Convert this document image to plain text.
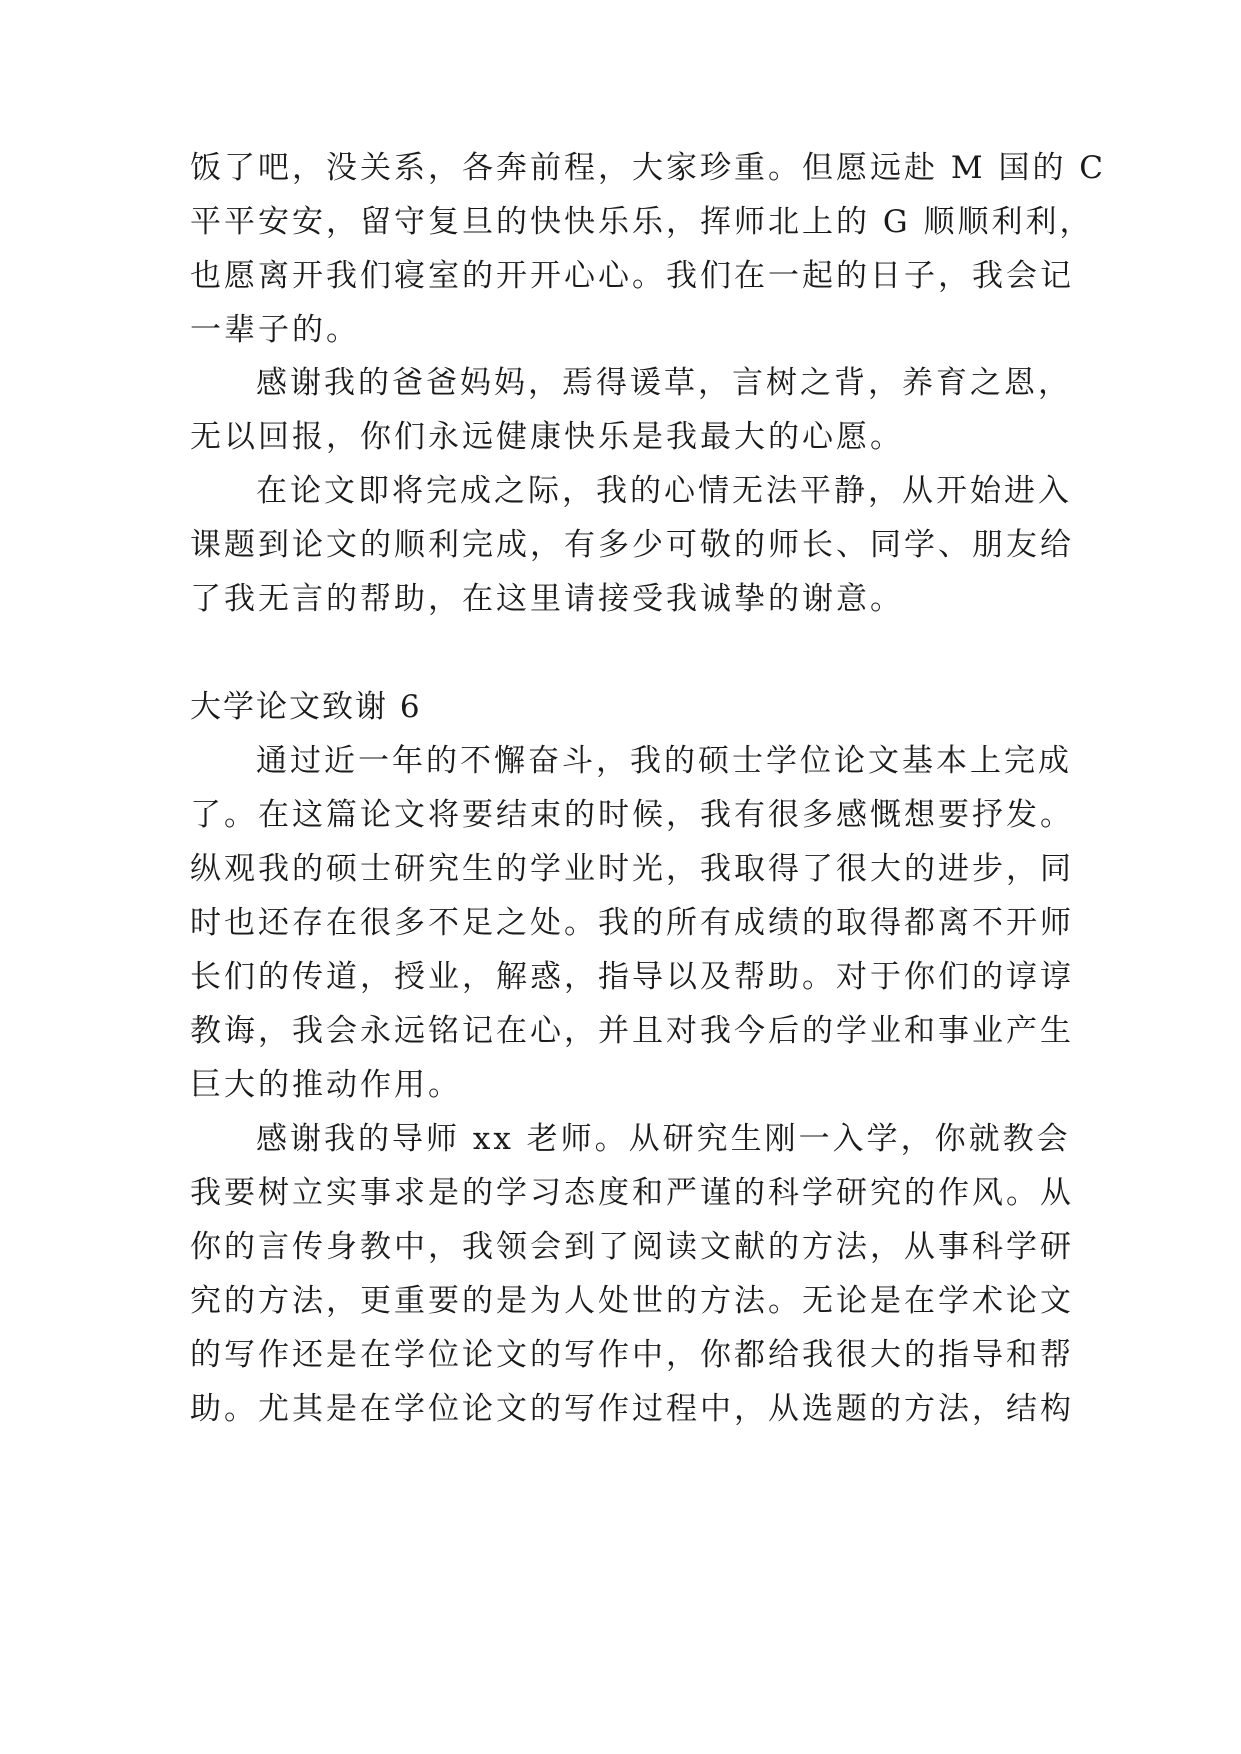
饭了吧，没关系，各奔前程，大家珍重。但愿远赴 M 国的 C
平平安安，留守复旦的快快乐乐，挥师北上的 G 顺顺利利，
也愿离开我们寝室的开开心心。我们在一起的日子，我会记
一辈子的。
感谢我的爸爸妈妈，焉得谖草，言树之背，养育之恩，
无以回报，你们永远健康快乐是我最大的心愿。
在论文即将完成之际，我的心情无法平静，从开始进入
课题到论文的顺利完成，有多少可敬的师长、同学、朋友给
了我无言的帮助，在这里请接受我诚挚的谢意。
大学论文致谢 6
通过近一年的不懈奋斗，我的硕士学位论文基本上完成
了。在这篇论文将要结束的时候，我有很多感慨想要抒发。
纵观我的硕士研究生的学业时光，我取得了很大的进步，同
时也还存在很多不足之处。我的所有成绩的取得都离不开师
长们的传道，授业，解惑，指导以及帮助。对于你们的谆谆
教诲，我会永远铭记在心，并且对我今后的学业和事业产生
巨大的推动作用。
感谢我的导师 xx 老师。从研究生刚一入学，你就教会
我要树立实事求是的学习态度和严谨的科学研究的作风。从
你的言传身教中，我领会到了阅读文献的方法，从事科学研
究的方法，更重要的是为人处世的方法。无论是在学术论文
的写作还是在学位论文的写作中，你都给我很大的指导和帮
助。尤其是在学位论文的写作过程中，从选题的方法，结构
